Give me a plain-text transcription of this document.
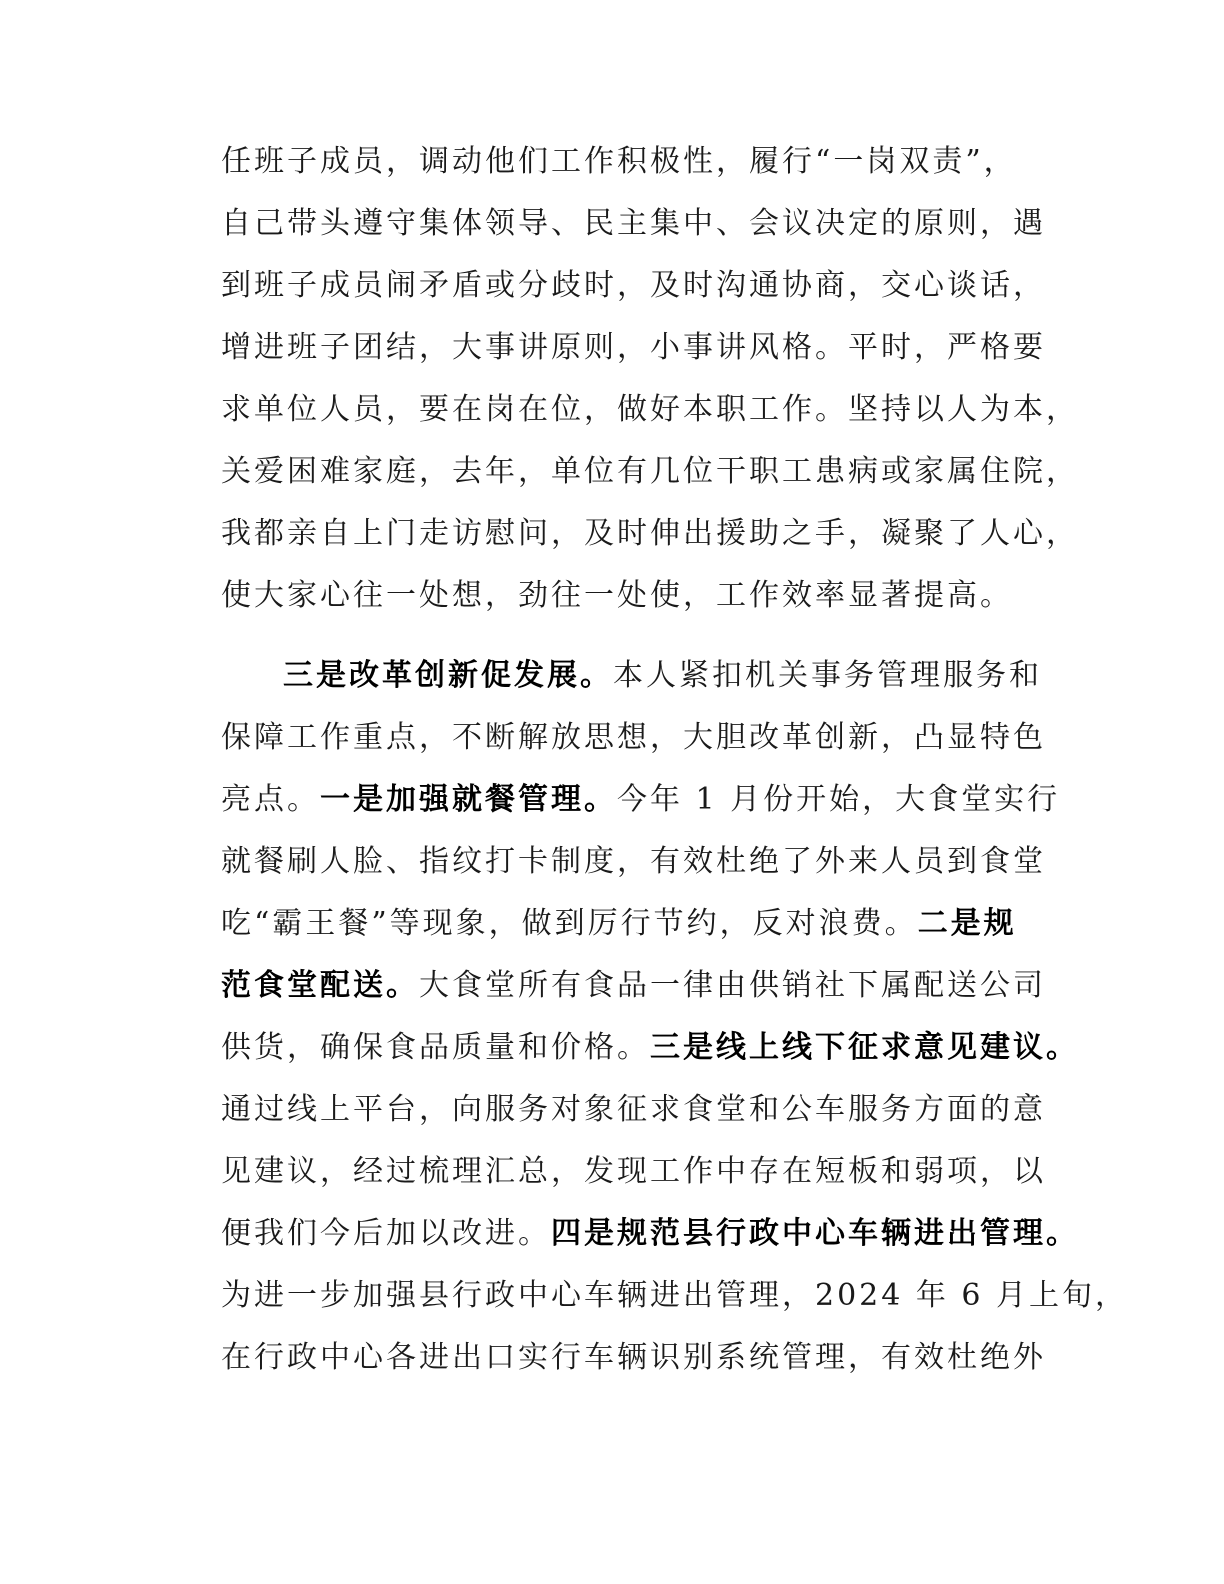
任班子成员，调动他们工作积极性，履行“一岗双责”，
自己带头遵守集体领导、民主集中、会议决定的原则，遇
到班子成员闹矛盾或分歧时，及时沟通协商，交心谈话，
增进班子团结，大事讲原则，小事讲风格。平时，严格要
求单位人员，要在岗在位，做好本职工作。坚持以人为本，
关爱困难家庭，去年，单位有几位干职工患病或家属住院，
我都亲自上门走访慰问，及时伸出援助之手，凝聚了人心，
使大家心往一处想，劲往一处使，工作效率显著提高。
三是改革创新促发展。本人紧扣机关事务管理服务和
保障工作重点，不断解放思想，大胆改革创新，凸显特色
亮点。一是加强就餐管理。今年 1 月份开始，大食堂实行
就餐刷人脸、指纹打卡制度，有效杜绝了外来人员到食堂
吃“霸王餐”等现象，做到厉行节约，反对浪费。二是规
范食堂配送。大食堂所有食品一律由供销社下属配送公司
供货，确保食品质量和价格。三是线上线下征求意见建议。
通过线上平台，向服务对象征求食堂和公车服务方面的意
见建议，经过梳理汇总，发现工作中存在短板和弱项，以
便我们今后加以改进。四是规范县行政中心车辆进出管理。
为进一步加强县行政中心车辆进出管理，2024 年 6 月上旬，
在行政中心各进出口实行车辆识别系统管理，有效杜绝外
